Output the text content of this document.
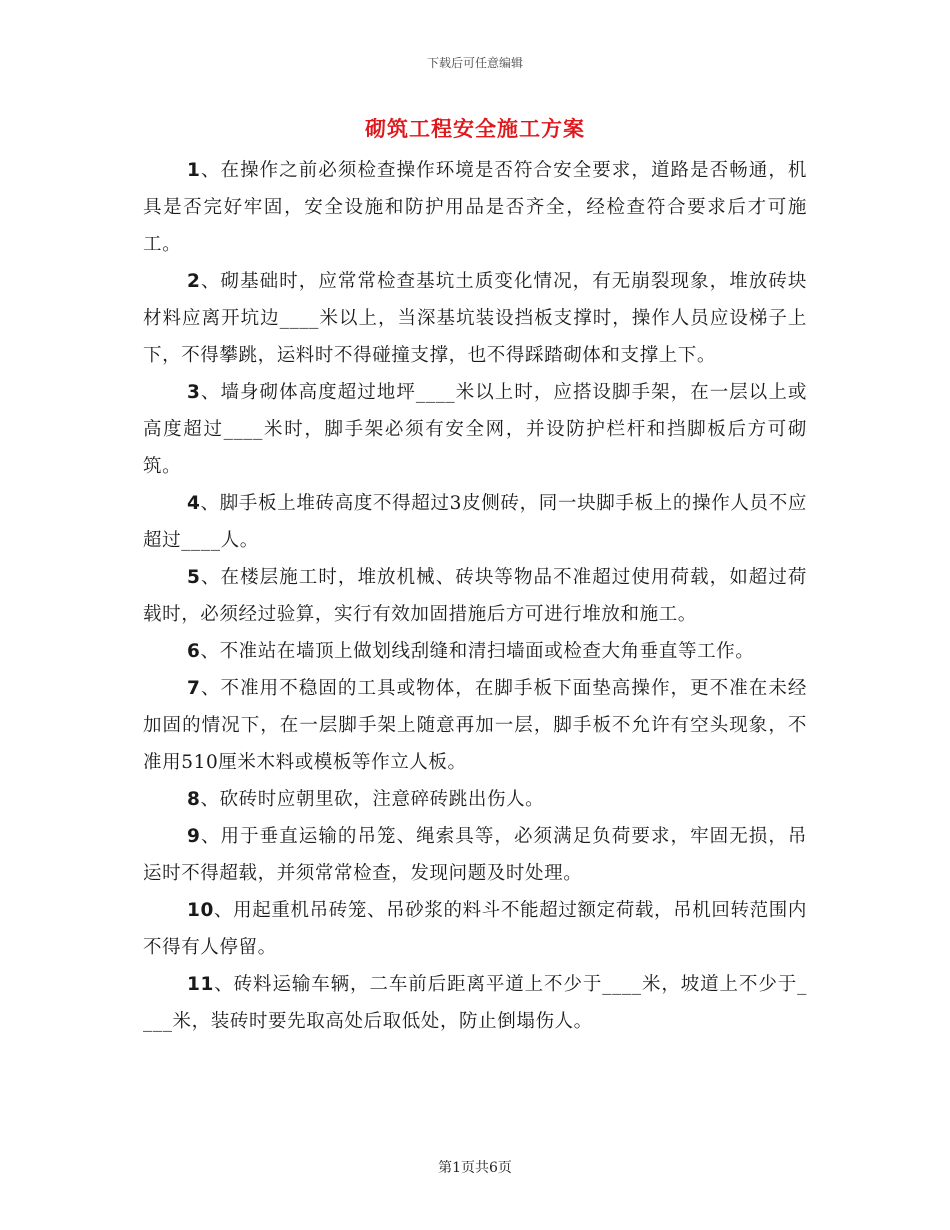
下载后可任意编辑
砌筑工程安全施工方案

1、在操作之前必须检查操作环境是否符合安全要求，道路是否畅通，机具是否完好牢固，安全设施和防护用品是否齐全，经检查符合要求后才可施工。

2、砌基础时，应常常检查基坑土质变化情况，有无崩裂现象，堆放砖块材料应离开坑边____米以上，当深基坑装设挡板支撑时，操作人员应设梯子上下，不得攀跳，运料时不得碰撞支撑，也不得踩踏砌体和支撑上下。

3、墙身砌体高度超过地坪____米以上时，应搭设脚手架，在一层以上或高度超过____米时，脚手架必须有安全网，并设防护栏杆和挡脚板后方可砌筑。

4、脚手板上堆砖高度不得超过3皮侧砖，同一块脚手板上的操作人员不应超过____人。

5、在楼层施工时，堆放机械、砖块等物品不准超过使用荷载，如超过荷载时，必须经过验算，实行有效加固措施后方可进行堆放和施工。

6、不准站在墙顶上做划线刮缝和清扫墙面或检查大角垂直等工作。

7、不准用不稳固的工具或物体，在脚手板下面垫高操作，更不准在未经加固的情况下，在一层脚手架上随意再加一层，脚手板不允许有空头现象，不准用510厘米木料或模板等作立人板。

8、砍砖时应朝里砍，注意碎砖跳出伤人。

9、用于垂直运输的吊笼、绳索具等，必须满足负荷要求，牢固无损，吊运时不得超载，并须常常检查，发现问题及时处理。

10、用起重机吊砖笼、吊砂浆的料斗不能超过额定荷载，吊机回转范围内不得有人停留。

11、砖料运输车辆，二车前后距离平道上不少于____米，坡道上不少于____米，装砖时要先取高处后取低处，防止倒塌伤人。

第1页共6页
